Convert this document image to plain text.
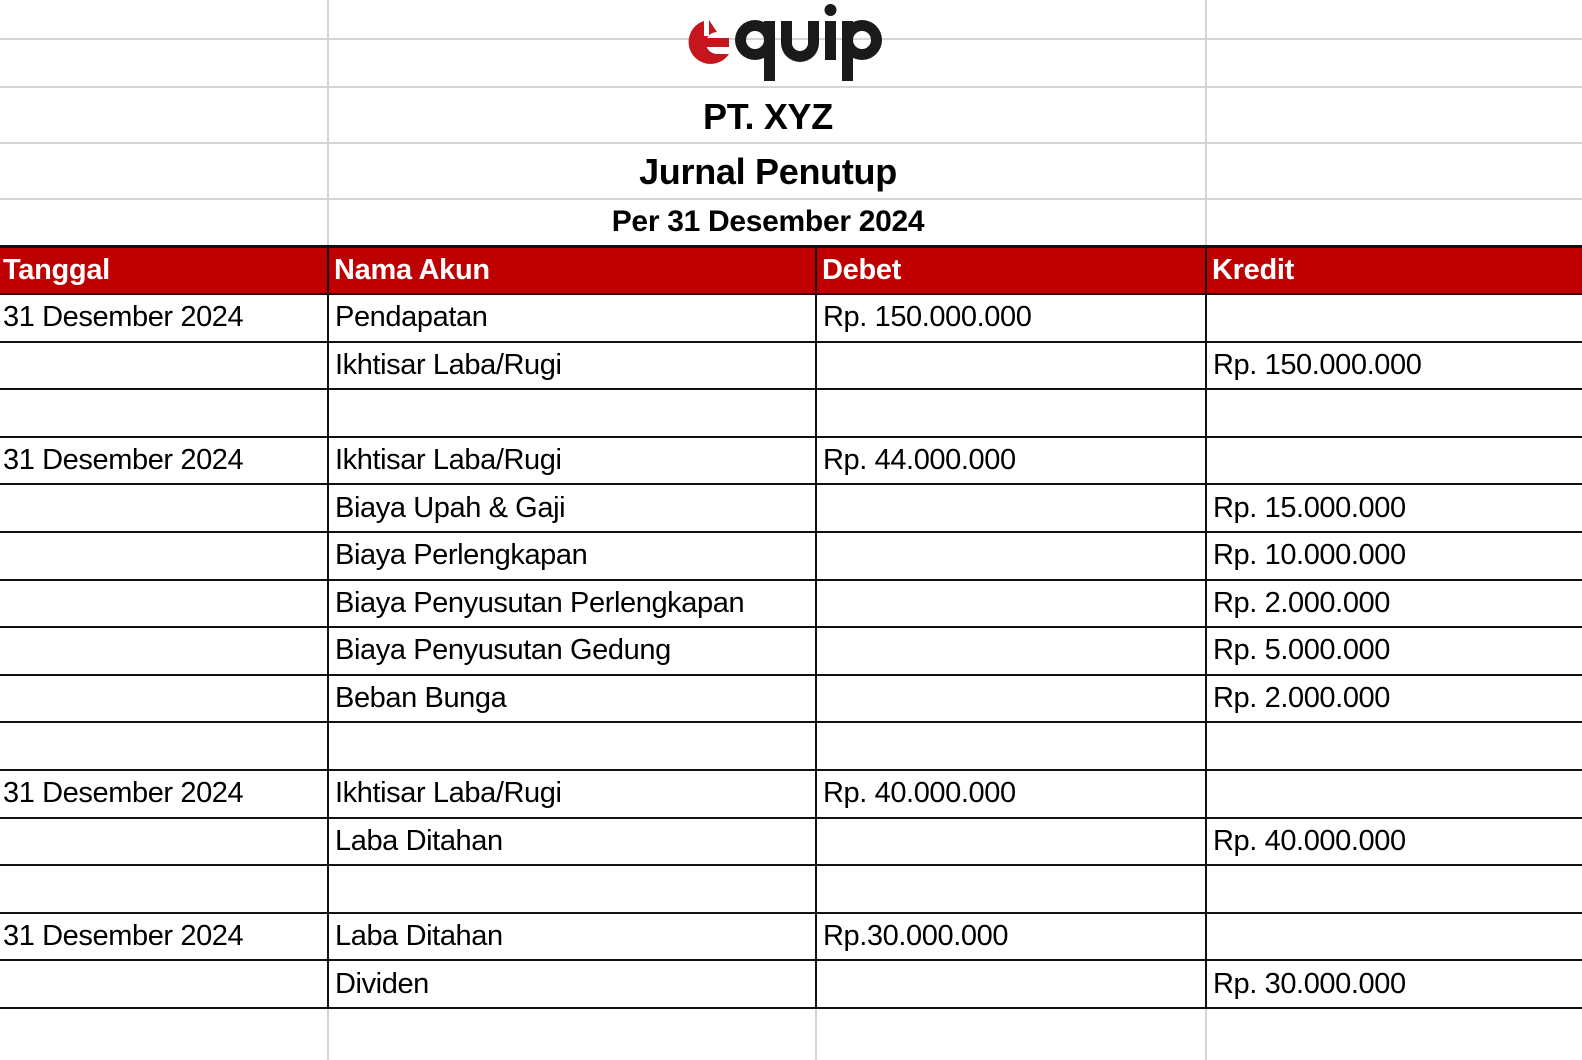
PT. XYZ
Jurnal Penutup
Per 31 Desember 2024
Tanggal	Nama Akun	Debet	Kredit
31 Desember 2024	Pendapatan	Rp. 150.000.000	
	Ikhtisar Laba/Rugi		Rp. 150.000.000

31 Desember 2024	Ikhtisar Laba/Rugi	Rp. 44.000.000	
	Biaya Upah & Gaji		Rp. 15.000.000
	Biaya Perlengkapan		Rp. 10.000.000
	Biaya Penyusutan Perlengkapan		Rp. 2.000.000
	Biaya Penyusutan Gedung		Rp. 5.000.000
	Beban Bunga		Rp. 2.000.000

31 Desember 2024	Ikhtisar Laba/Rugi	Rp. 40.000.000	
	Laba Ditahan		Rp. 40.000.000

31 Desember 2024	Laba Ditahan	Rp.30.000.000	
	Dividen		Rp. 30.000.000
